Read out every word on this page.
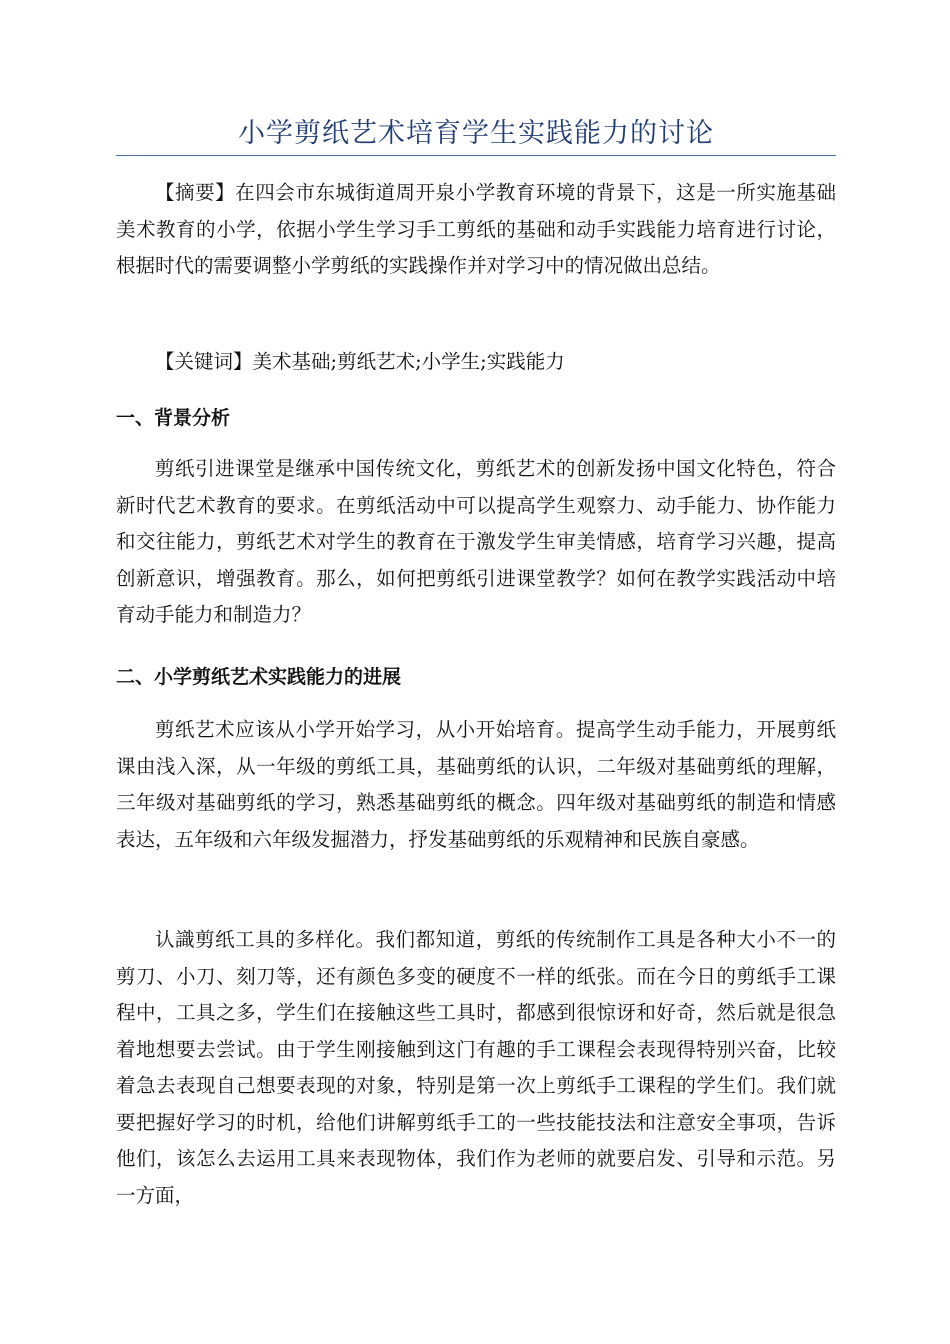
小学剪纸艺术培育学生实践能力的讨论

【摘要】在四会市东城街道周开泉小学教育环境的背景下，这是一所实施基础美术教育的小学，依据小学生学习手工剪纸的基础和动手实践能力培育进行讨论，根据时代的需要调整小学剪纸的实践操作并对学习中的情况做出总结。

【关键词】美术基础;剪纸艺术;小学生;实践能力

一、背景分析

剪纸引进课堂是继承中国传统文化，剪纸艺术的创新发扬中国文化特色，符合新时代艺术教育的要求。在剪纸活动中可以提高学生观察力、动手能力、协作能力和交往能力，剪纸艺术对学生的教育在于激发学生审美情感，培育学习兴趣，提高创新意识，增强教育。那么，如何把剪纸引进课堂教学？如何在教学实践活动中培育动手能力和制造力？

二、小学剪纸艺术实践能力的进展

剪纸艺术应该从小学开始学习，从小开始培育。提高学生动手能力，开展剪纸课由浅入深，从一年级的剪纸工具，基础剪纸的认识，二年级对基础剪纸的理解，三年级对基础剪纸的学习，熟悉基础剪纸的概念。四年级对基础剪纸的制造和情感表达，五年级和六年级发掘潜力，抒发基础剪纸的乐观精神和民族自豪感。

认識剪纸工具的多样化。我们都知道，剪纸的传统制作工具是各种大小不一的剪刀、小刀、刻刀等，还有颜色多变的硬度不一样的纸张。而在今日的剪纸手工课程中，工具之多，学生们在接触这些工具时，都感到很惊讶和好奇，然后就是很急着地想要去尝试。由于学生刚接触到这门有趣的手工课程会表现得特别兴奋，比较着急去表现自己想要表现的对象，特别是第一次上剪纸手工课程的学生们。我们就要把握好学习的时机，给他们讲解剪纸手工的一些技能技法和注意安全事项，告诉他们，该怎么去运用工具来表现物体，我们作为老师的就要启发、引导和示范。另一方面，
